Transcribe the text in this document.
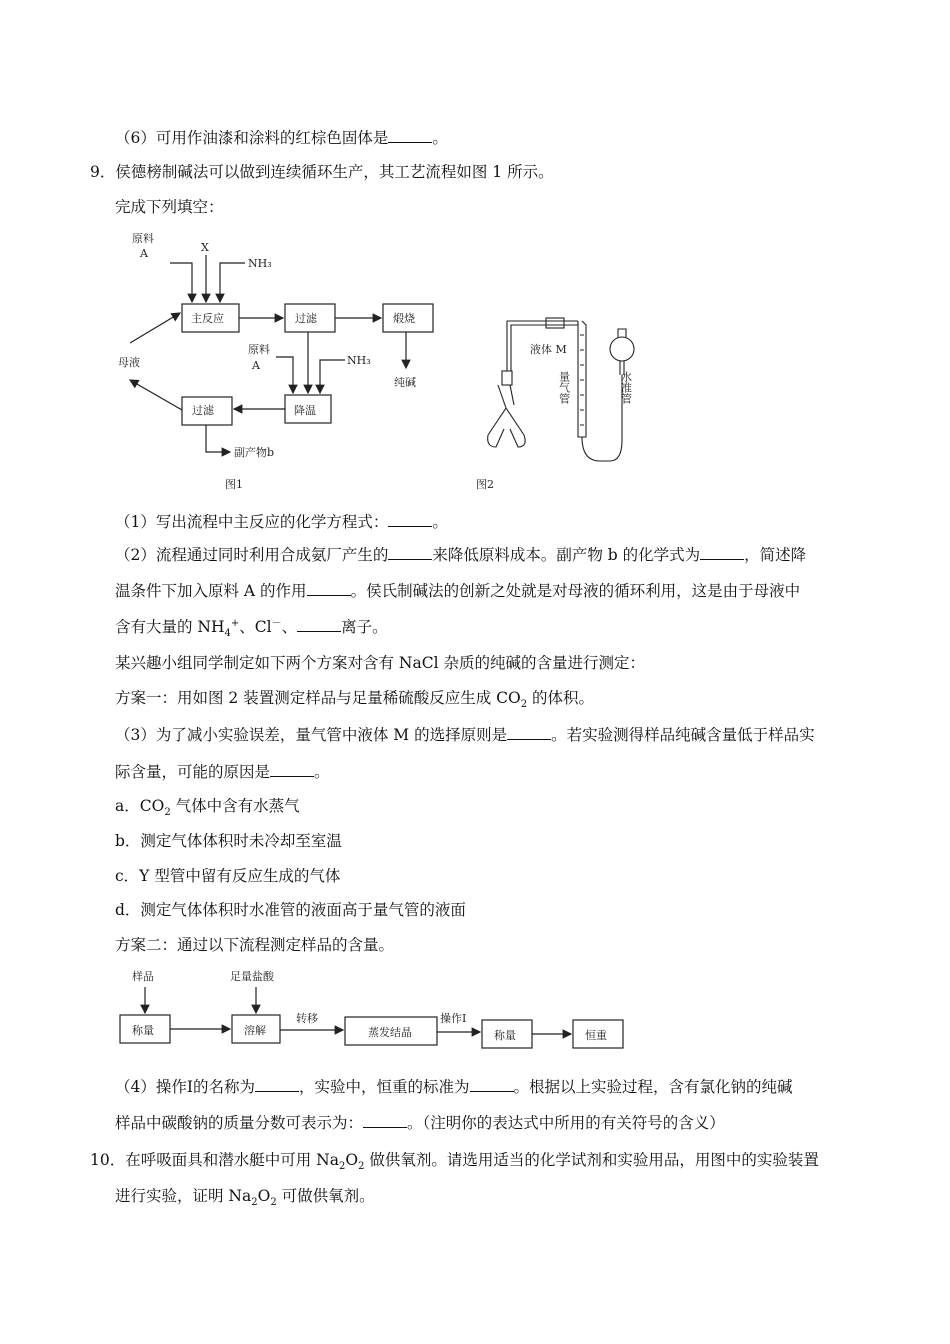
（6）可用作油漆和涂料的红棕色固体是	。
9．侯德榜制碱法可以做到连续循环生产，其工艺流程如图 1 所示。
完成下列填空：
原料
A	X
NH₃
主反应	过滤	煅烧
纯碱
原料
A	NH₃
降温
过滤
副产物b
母液
图1
液体 M
量气管	水准管
图2
（1）写出流程中主反应的化学方程式：	。
（2）流程通过同时利用合成氨厂产生的	来降低原料成本。副产物 b 的化学式为	，简述降
温条件下加入原料 A 的作用	。侯氏制碱法的创新之处就是对母液的循环利用，这是由于母液中
含有大量的 $NH_4^+$、Cl－、	离子。
某兴趣小组同学制定如下两个方案对含有 NaCl 杂质的纯碱的含量进行测定：
方案一：用如图 2 装置测定样品与足量稀硫酸反应生成 $CO_2$ 的体积。
（3）为了减小实验误差，量气管中液体 M 的选择原则是	。若实验测得样品纯碱含量低于样品实
际含量，可能的原因是	。
a．$CO_2$ 气体中含有水蒸气
b．测定气体体积时未冷却至室温
c．Y 型管中留有反应生成的气体
d．测定气体体积时水准管的液面高于量气管的液面
方案二：通过以下流程测定样品的含量。
样品	足量盐酸
称量	溶解
转移
蒸发结晶
操作Ⅰ
称量	恒重
（4）操作Ⅰ的名称为	，实验中，恒重的标准为	。根据以上实验过程，含有氯化钠的纯碱
样品中碳酸钠的质量分数可表示为：	。（注明你的表达式中所用的有关符号的含义）
10．在呼吸面具和潜水艇中可用 $Na_2O_2$ 做供氧剂。请选用适当的化学试剂和实验用品，用图中的实验装置
进行实验，证明 $Na_2O_2$ 可做供氧剂。
